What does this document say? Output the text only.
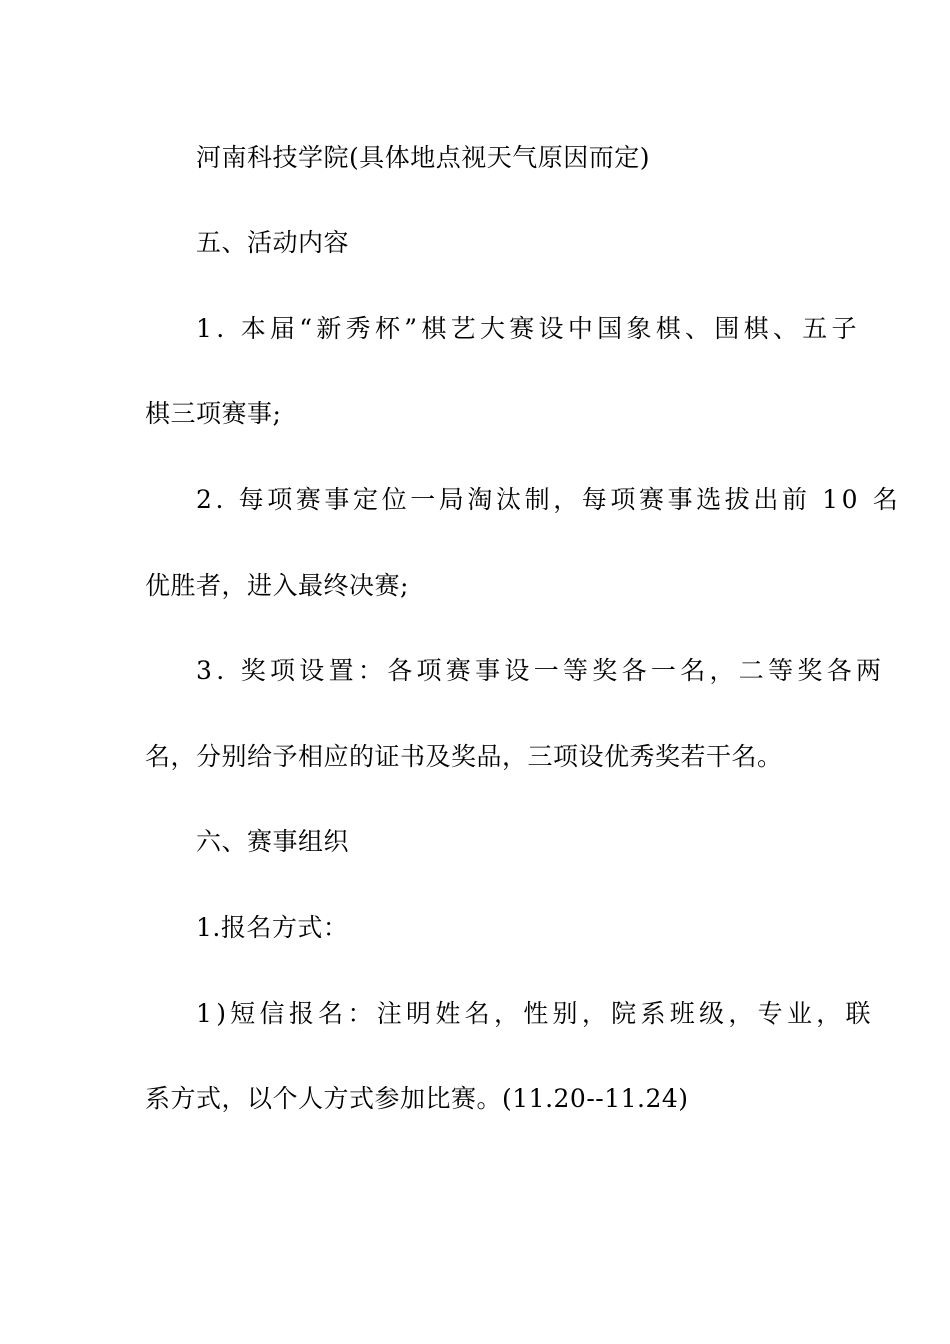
河南科技学院(具体地点视天气原因而定)
五、活动内容
1. 本届“新秀杯”棋艺大赛设中国象棋、围棋、五子
棋三项赛事;
2. 每项赛事定位一局淘汰制，每项赛事选拔出前 10 名
优胜者，进入最终决赛;
3. 奖项设置：各项赛事设一等奖各一名，二等奖各两
名，分别给予相应的证书及奖品，三项设优秀奖若干名。
六、赛事组织
1.报名方式：
1)短信报名：注明姓名，性别，院系班级，专业，联
系方式，以个人方式参加比赛。(11.20--11.24)
